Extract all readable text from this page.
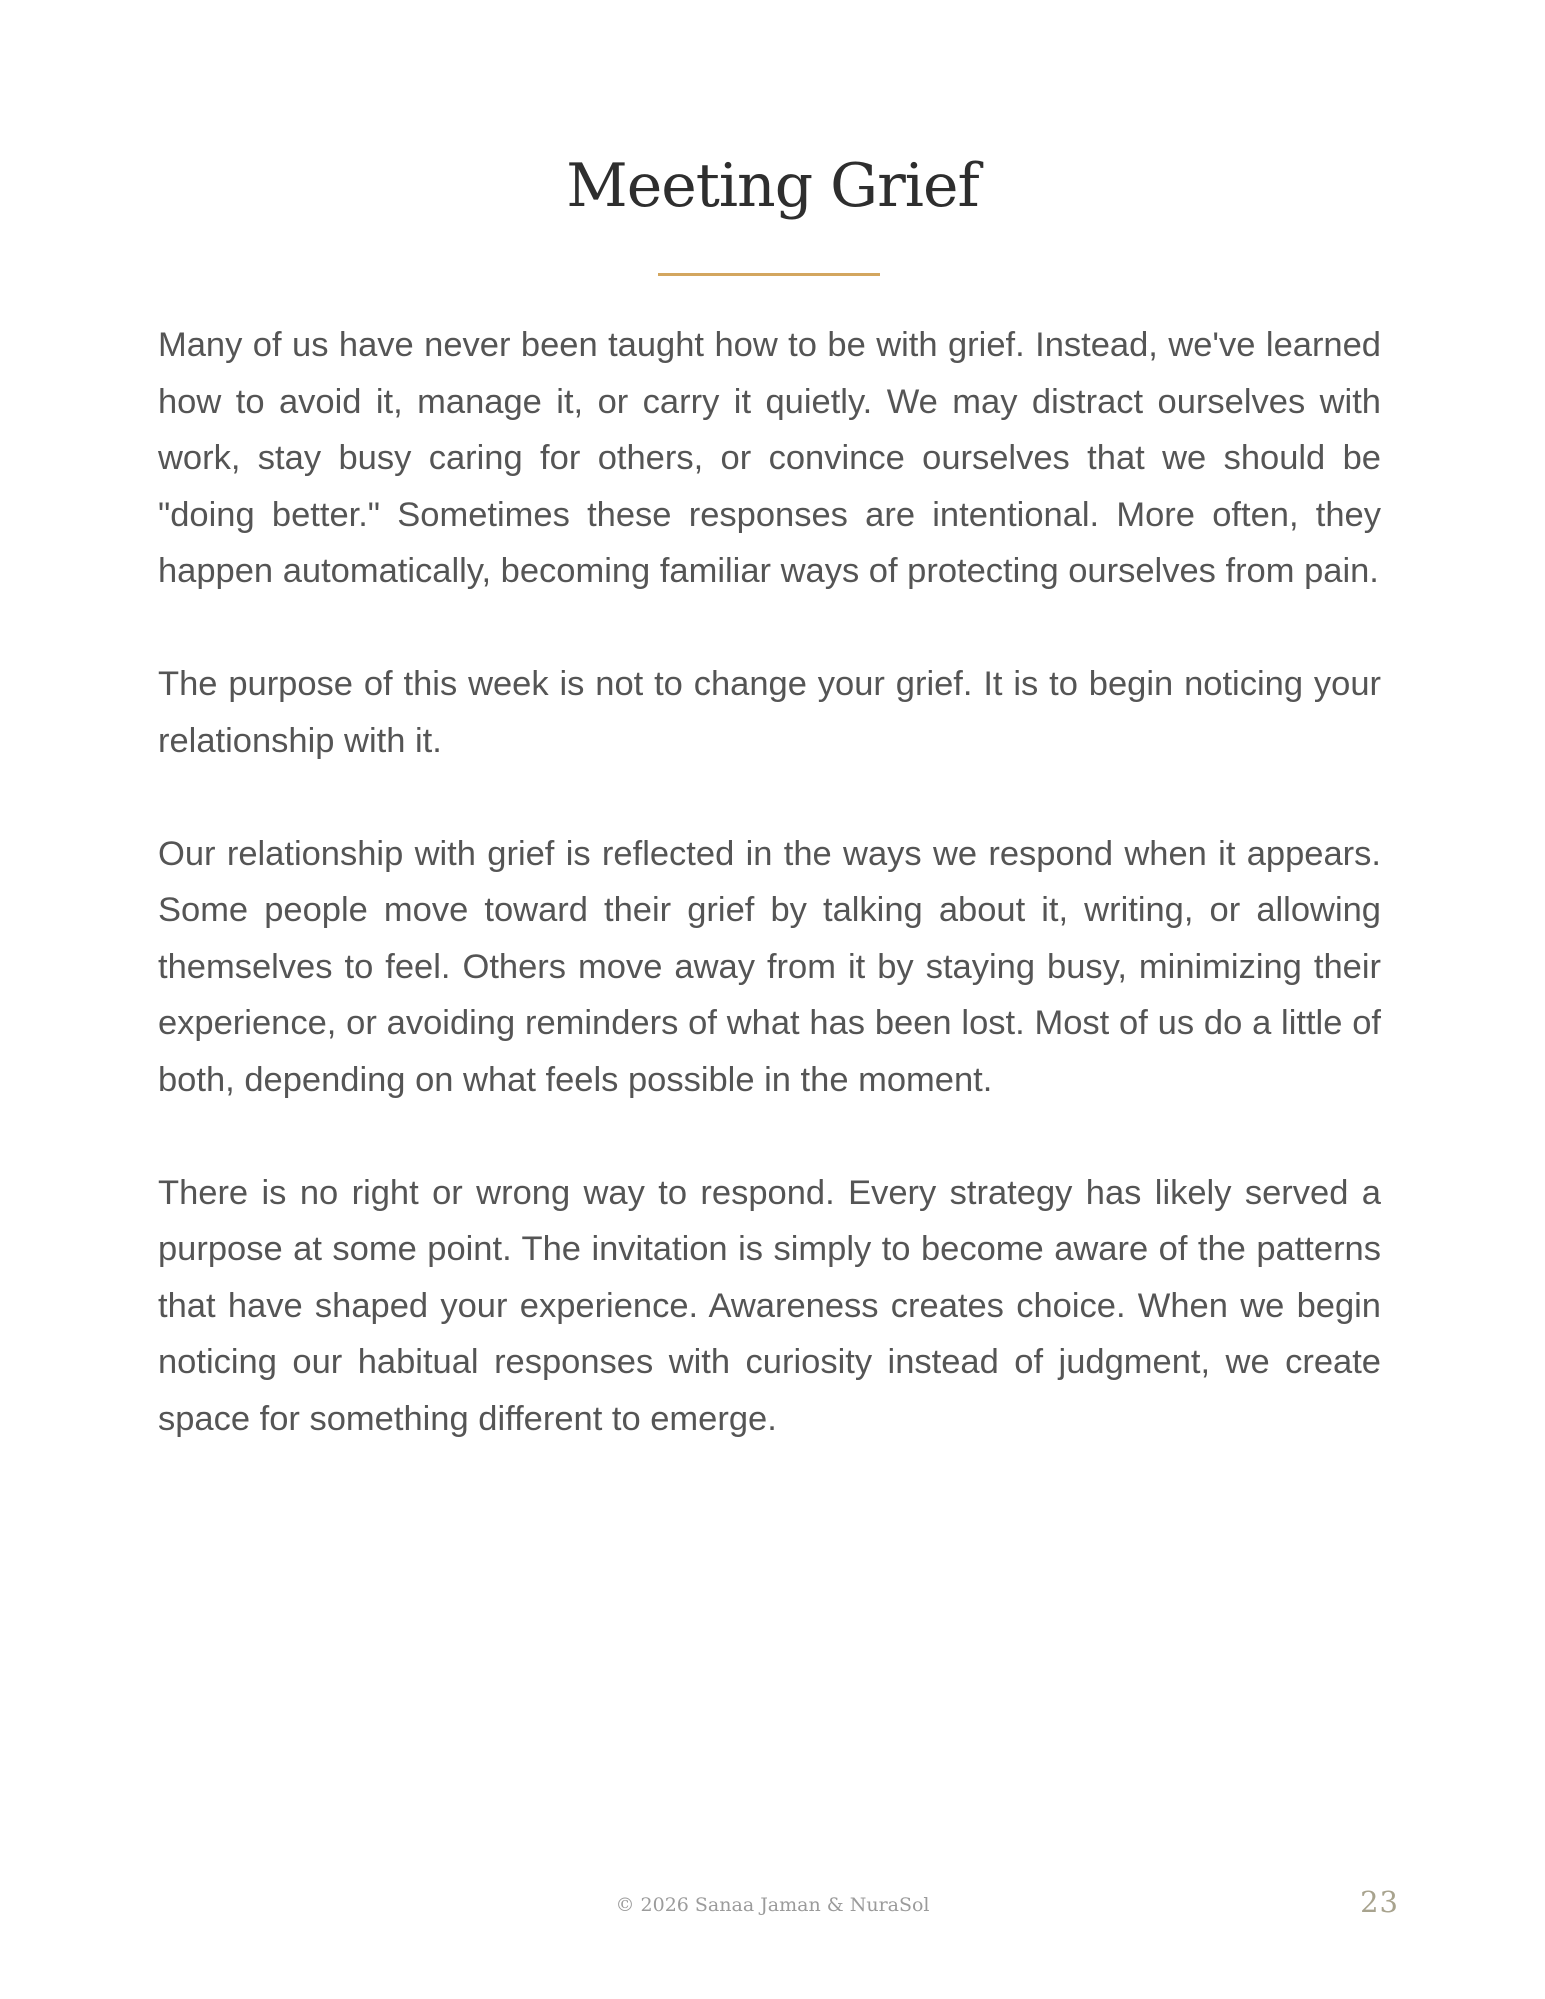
Meeting Grief

Many of us have never been taught how to be with grief. Instead, we've learned how to avoid it, manage it, or carry it quietly. We may distract ourselves with work, stay busy caring for others, or convince ourselves that we should be "doing better." Sometimes these responses are intentional. More often, they happen automatically, becoming familiar ways of protecting ourselves from pain.

The purpose of this week is not to change your grief. It is to begin noticing your relationship with it.

Our relationship with grief is reflected in the ways we respond when it appears. Some people move toward their grief by talking about it, writing, or allowing themselves to feel. Others move away from it by staying busy, minimizing their experience, or avoiding reminders of what has been lost. Most of us do a little of both, depending on what feels possible in the moment.

There is no right or wrong way to respond. Every strategy has likely served a purpose at some point. The invitation is simply to become aware of the patterns that have shaped your experience. Awareness creates choice. When we begin noticing our habitual responses with curiosity instead of judgment, we create space for something different to emerge.

© 2026 Sanaa Jaman & NuraSol	23
